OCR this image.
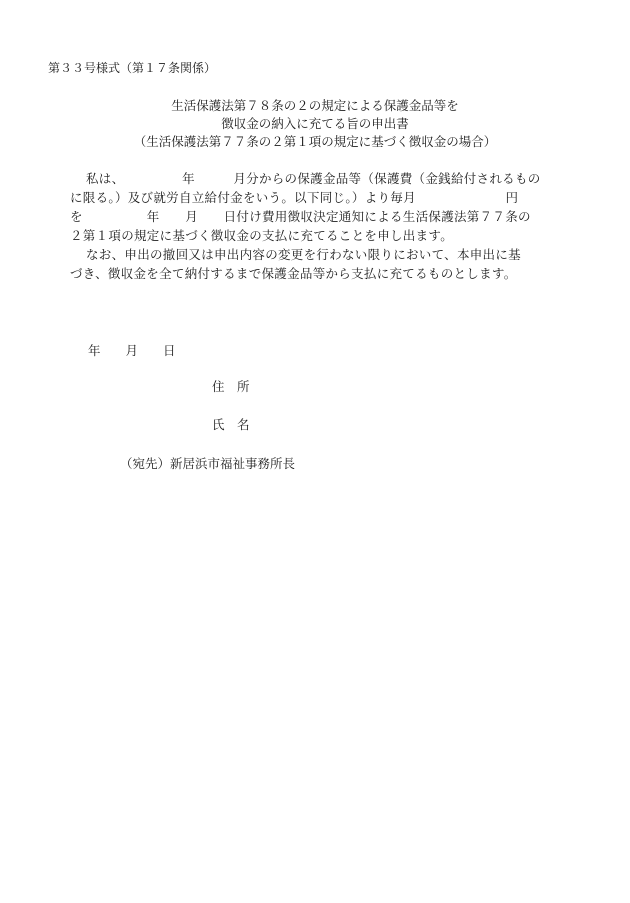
第３３号様式（第１７条関係）
生活保護法第７８条の２の規定による保護金品等を
徴収金の納入に充てる旨の申出書
（生活保護法第７７条の２第１項の規定に基づく徴収金の場合）
私は、　　　　　年　　　月分からの保護金品等（保護費（金銭給付されるもの
に限る。）及び就労自立給付金をいう。以下同じ。）より毎月　　　　　　　円
を　　　　　年　　月　　日付け費用徴収決定通知による生活保護法第７７条の
２第１項の規定に基づく徴収金の支払に充てることを申し出ます。
なお、申出の撤回又は申出内容の変更を行わない限りにおいて、本申出に基
づき、徴収金を全て納付するまで保護金品等から支払に充てるものとします。
年　　月　　日
住　所
氏　名
（宛先）新居浜市福祉事務所長
